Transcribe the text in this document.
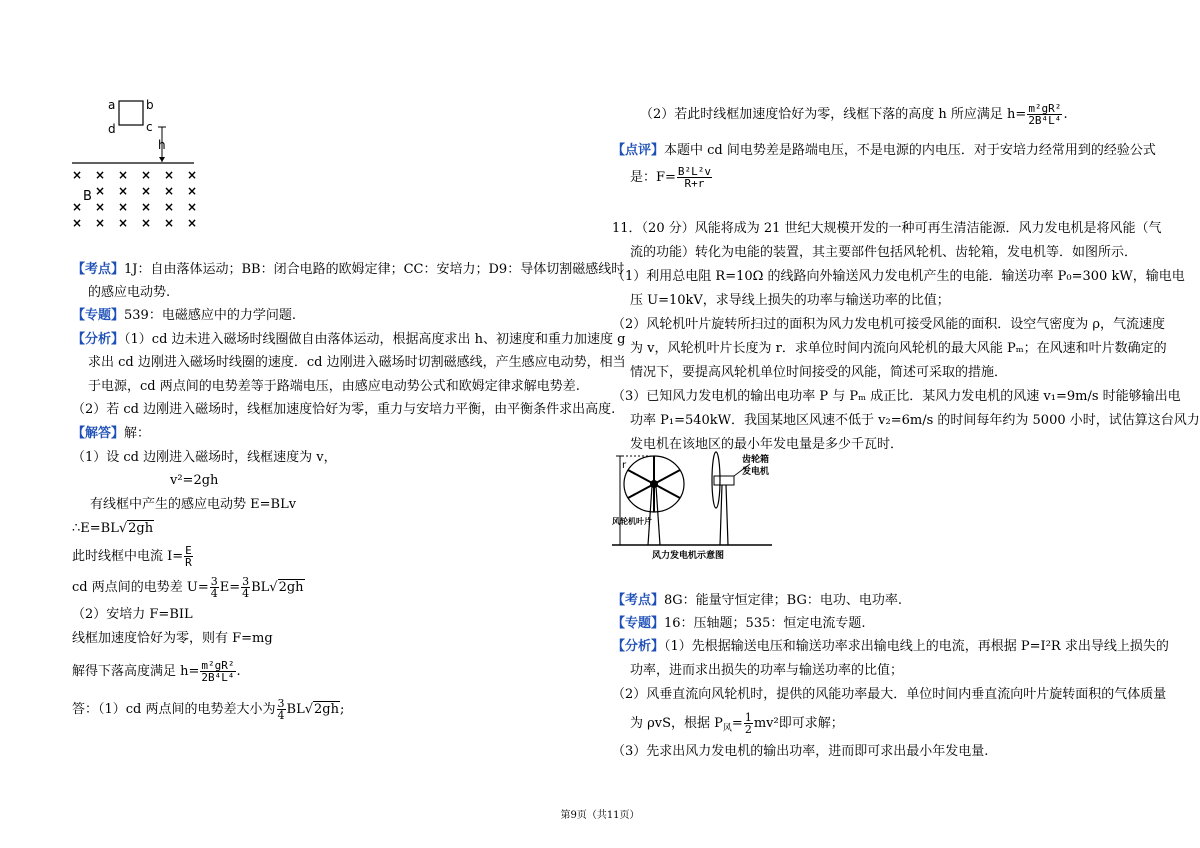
a	b
c
d
h
× × × × × ×
× × × × ×
× × × × × ×
× × × × × ×
B
【考点】1J：自由落体运动；BB：闭合电路的欧姆定律；CC：安培力；D9：导体切割磁感线时
的感应电动势.
【专题】539：电磁感应中的力学问题.
【分析】（1）cd 边未进入磁场时线圈做自由落体运动，根据高度求出 h、初速度和重力加速度 g
求出 cd 边刚进入磁场时线圈的速度．cd 边刚进入磁场时切割磁感线，产生感应电动势，相当
于电源，cd 两点间的电势差等于路端电压，由感应电动势公式和欧姆定律求解电势差.
（2）若 cd 边刚进入磁场时，线框加速度恰好为零，重力与安培力平衡，由平衡条件求出高度.
【解答】解：
（1）设 cd 边刚进入磁场时，线框速度为 v，
v²=2gh
有线框中产生的感应电动势 E=BLv
∴E=BL√2gh
此时线框中电流 $I= \frac{E}{R}$
cd 两点间的电势差 $U= \frac{3}{4} E= \frac{3}{4} BL√2gh$
（2）安培力 F=BIL
线框加速度恰好为零，则有 F=mg
解得下落高度满足 $h= \frac{\text{m²gR²}}{\text{2B⁴L⁴}}$ .
答：（1）cd 两点间的电势差大小为 $\frac{3}{4} BL√2gh$;
（2）若此时线框加速度恰好为零，线框下落的高度 h 所应满足 $h= \frac{\text{m²gR²}}{\text{2B⁴L⁴}}$ .
【点评】本题中 cd 间电势差是路端电压，不是电源的内电压．对于安培力经常用到的经验公式
是：$F= \frac{\text{B²L²v}}{R+r}$
11．（20 分）风能将成为 21 世纪大规模开发的一种可再生清洁能源．风力发电机是将风能（气
流的功能）转化为电能的装置，其主要部件包括风轮机、齿轮箱，发电机等．如图所示．
（1）利用总电阻 R=10Ω 的线路向外输送风力发电机产生的电能．输送功率 P₀=300 kW，输电电
压 U=10kV，求导线上损失的功率与输送功率的比值；
（2）风轮机叶片旋转所扫过的面积为风力发电机可接受风能的面积．设空气密度为 ρ，气流速度
为 v，风轮机叶片长度为 r．求单位时间内流向风轮机的最大风能 Pₘ；在风速和叶片数确定的
情况下，要提高风轮机单位时间接受的风能，简述可采取的措施．
（3）已知风力发电机的输出电功率 P 与 Pₘ 成正比．某风力发电机的风速 v₁=9m/s 时能够输出电
功率 P₁=540kW．我国某地区风速不低于 v₂=6m/s 的时间每年约为 5000 小时，试估算这台风力
发电机在该地区的最小年发电量是多少千瓦时．
r	齿轮箱
发电机
风轮机叶片
风力发电机示意图
【考点】8G：能量守恒定律；BG：电功、电功率.
【专题】16：压轴题；535：恒定电流专题.
【分析】（1）先根据输送电压和输送功率求出输电线上的电流，再根据 P=I²R 求出导线上损失的
功率，进而求出损失的功率与输送功率的比值；
（2）风垂直流向风轮机时，提供的风能功率最大．单位时间内垂直流向叶片旋转面积的气体质量
为 ρvS，根据 $P_风= \frac{1}{2} mv^2$即可求解；
（3）先求出风力发电机的输出功率，进而即可求出最小年发电量.
第9页（共11页）
